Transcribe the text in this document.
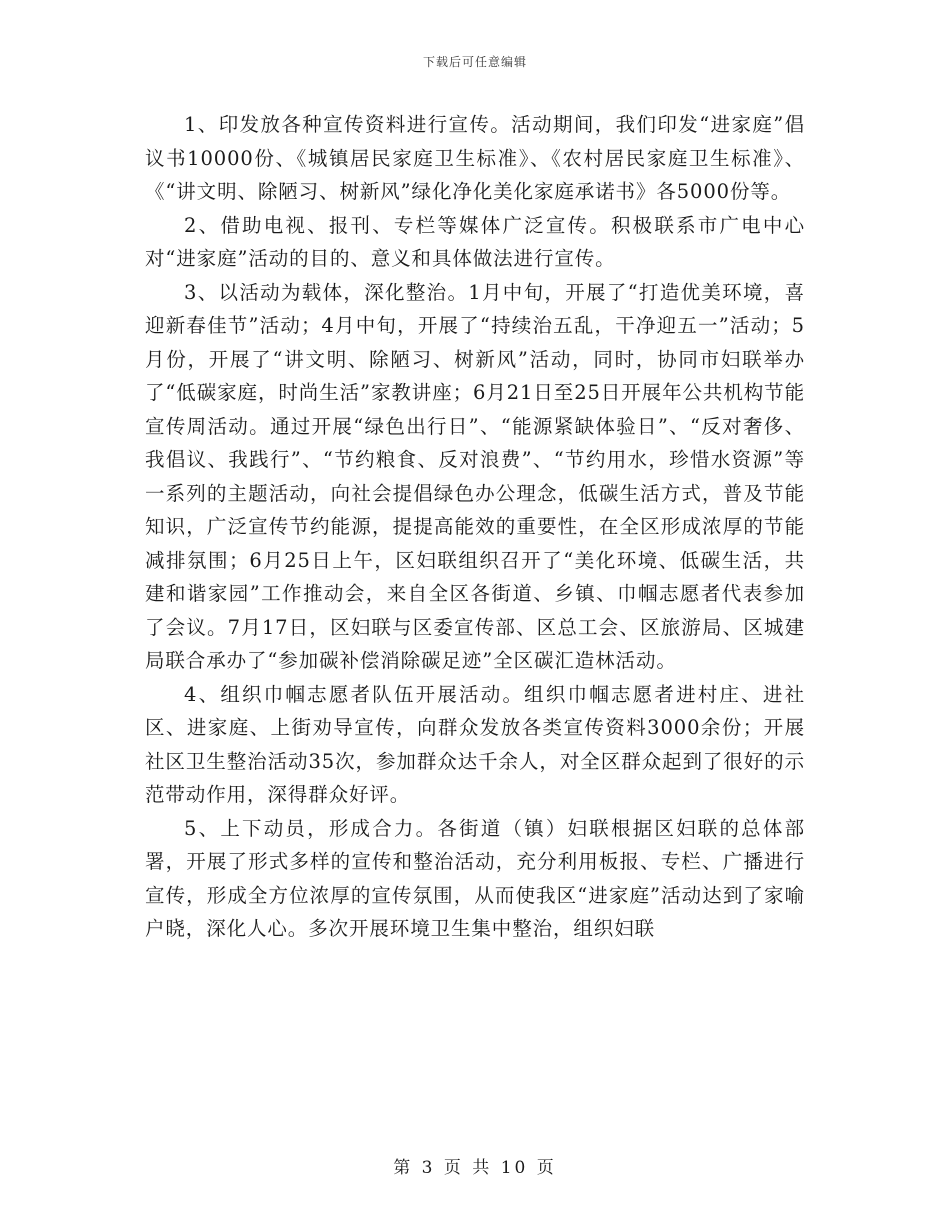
下载后可任意编辑

1、印发放各种宣传资料进行宣传。活动期间，我们印发“进家庭”倡议书10000份、《城镇居民家庭卫生标准》、《农村居民家庭卫生标准》、《“讲文明、除陋习、树新风”绿化净化美化家庭承诺书》各5000份等。

2、借助电视、报刊、专栏等媒体广泛宣传。积极联系市广电中心对“进家庭”活动的目的、意义和具体做法进行宣传。

3、以活动为载体，深化整治。1月中旬，开展了“打造优美环境，喜迎新春佳节”活动；4月中旬，开展了“持续治五乱，干净迎五一”活动；5月份，开展了“讲文明、除陋习、树新风”活动，同时，协同市妇联举办了“低碳家庭，时尚生活”家教讲座；6月21日至25日开展年公共机构节能宣传周活动。通过开展“绿色出行日”、“能源紧缺体验日”、“反对奢侈、我倡议、我践行”、“节约粮食、反对浪费”、“节约用水，珍惜水资源”等一系列的主题活动，向社会提倡绿色办公理念，低碳生活方式，普及节能知识，广泛宣传节约能源，提提高能效的重要性，在全区形成浓厚的节能减排氛围；6月25日上午，区妇联组织召开了“美化环境、低碳生活，共建和谐家园”工作推动会，来自全区各街道、乡镇、巾帼志愿者代表参加了会议。7月17日，区妇联与区委宣传部、区总工会、区旅游局、区城建局联合承办了“参加碳补偿消除碳足迹”全区碳汇造林活动。

4、组织巾帼志愿者队伍开展活动。组织巾帼志愿者进村庄、进社区、进家庭、上街劝导宣传，向群众发放各类宣传资料3000余份；开展社区卫生整治活动35次，参加群众达千余人，对全区群众起到了很好的示范带动作用，深得群众好评。

5、上下动员，形成合力。各街道（镇）妇联根据区妇联的总体部署，开展了形式多样的宣传和整治活动，充分利用板报、专栏、广播进行宣传，形成全方位浓厚的宣传氛围，从而使我区“进家庭”活动达到了家喻户晓，深化人心。多次开展环境卫生集中整治，组织妇联

第 3 页 共 10 页
